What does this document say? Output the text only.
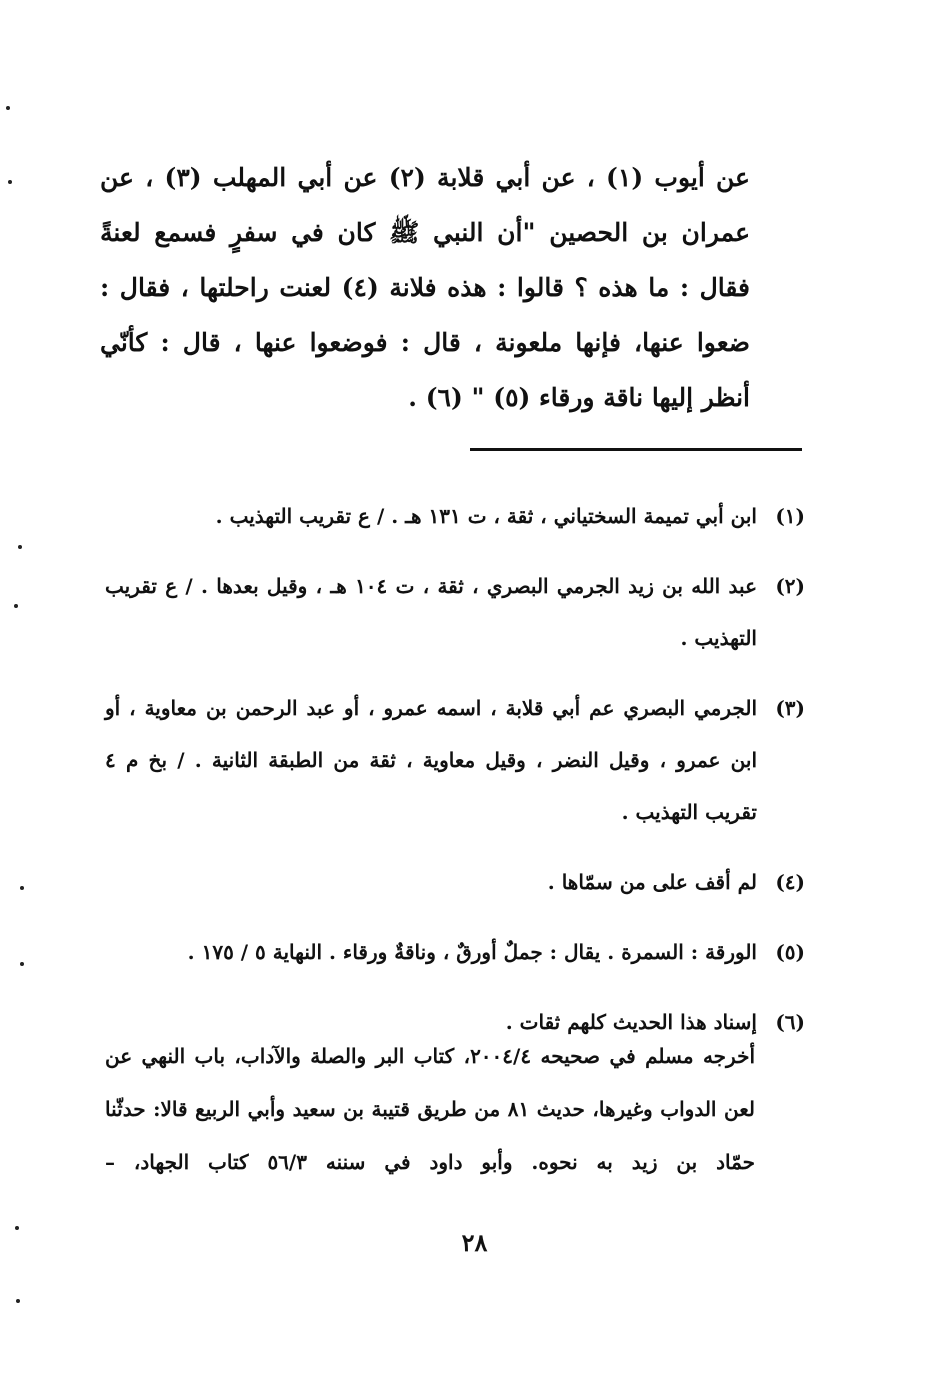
عن أيوب (١) ، عن أبي قلابة (٢) عن أبي المهلب (٣) ، عن عمران بن الحصين "أن النبي ﷺ كان في سفرٍ فسمع لعنةً فقال : ما هذه ؟ قالوا : هذه فلانة (٤) لعنت راحلتها ، فقال : ضعوا عنها، فإنها ملعونة ، قال : فوضعوا عنها ، قال : كأنّي أنظر إليها ناقة ورقاء (٥) " (٦) .

(١)
ابن أبي تميمة السختياني ، ثقة ، ت ١٣١ هـ . / ع تقريب التهذيب .
(٢)
عبد الله بن زيد الجرمي البصري ، ثقة ، ت ١٠٤ هـ ، وقيل بعدها . / ع تقريب التهذيب .
(٣)
الجرمي البصري عم أبي قلابة ، اسمه عمرو ، أو عبد الرحمن بن معاوية ، أو ابن عمرو ، وقيل النضر ، وقيل معاوية ، ثقة من الطبقة الثانية . / بخ م ٤ تقريب التهذيب .
(٤)
لم أقف على من سمّاها .
(٥)
الورقة : السمرة . يقال : جملٌ أورقٌ ، وناقةٌ ورقاء . النهاية ٥ / ١٧٥ .
(٦)
إسناد هذا الحديث كلهم ثقات .
أخرجه مسلم في صحيحه ٢٠٠٤/٤، كتاب البر والصلة والآداب، باب النهي عن لعن الدواب وغيرها، حديث ٨١ من طريق قتيبة بن سعيد وأبي الربيع قالا: حدثّنا حمّاد بن زيد به نحوه. وأبو داود في سننه ٥٦/٣ كتاب الجهاد، –
٢٨
